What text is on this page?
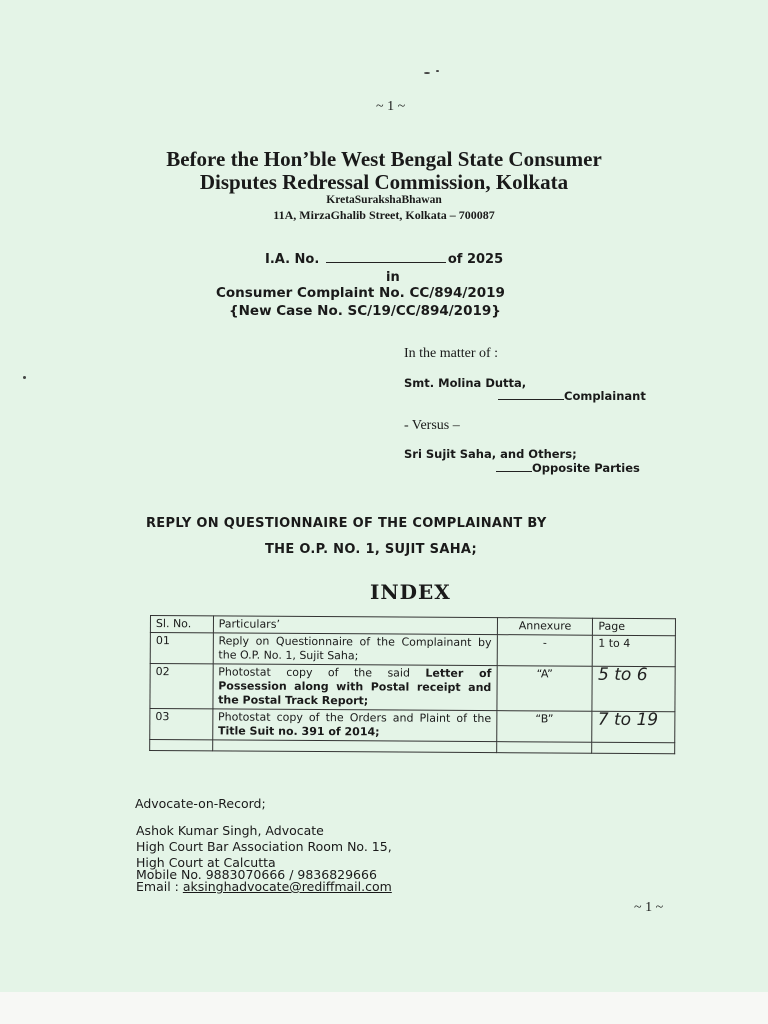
~ 1 ~
Before the Hon’ble West Bengal State Consumer
Disputes Redressal Commission, Kolkata
KretaSurakshaBhawan
11A, MirzaGhalib Street, Kolkata – 700087
I.A. No.	of 2025
in
Consumer Complaint No. CC/894/2019
{New Case No. SC/19/CC/894/2019}
In the matter of :
Smt. Molina Dutta,
Complainant
- Versus –
Sri Sujit Saha, and Others;
Opposite Parties
REPLY ON QUESTIONNAIRE OF THE COMPLAINANT BY
THE O.P. NO. 1, SUJIT SAHA;
INDEX
Sl. No.	Particulars’	Annexure	Page
01	Reply on Questionnaire of the Complainant by the O.P. No. 1, Sujit Saha;	-	1 to 4
02	Photostat copy of the said Letter of Possession along with Postal receipt and the Postal Track Report;	“A”	5 to 6
03	Photostat copy of the Orders and Plaint of the Title Suit no. 391 of 2014;	“B”	7 to 19

Advocate-on-Record;
Ashok Kumar Singh, Advocate
High Court Bar Association Room No. 15,
High Court at Calcutta
Mobile No. 9883070666 / 9836829666
Email : aksinghadvocate@rediffmail.com
~ 1 ~
